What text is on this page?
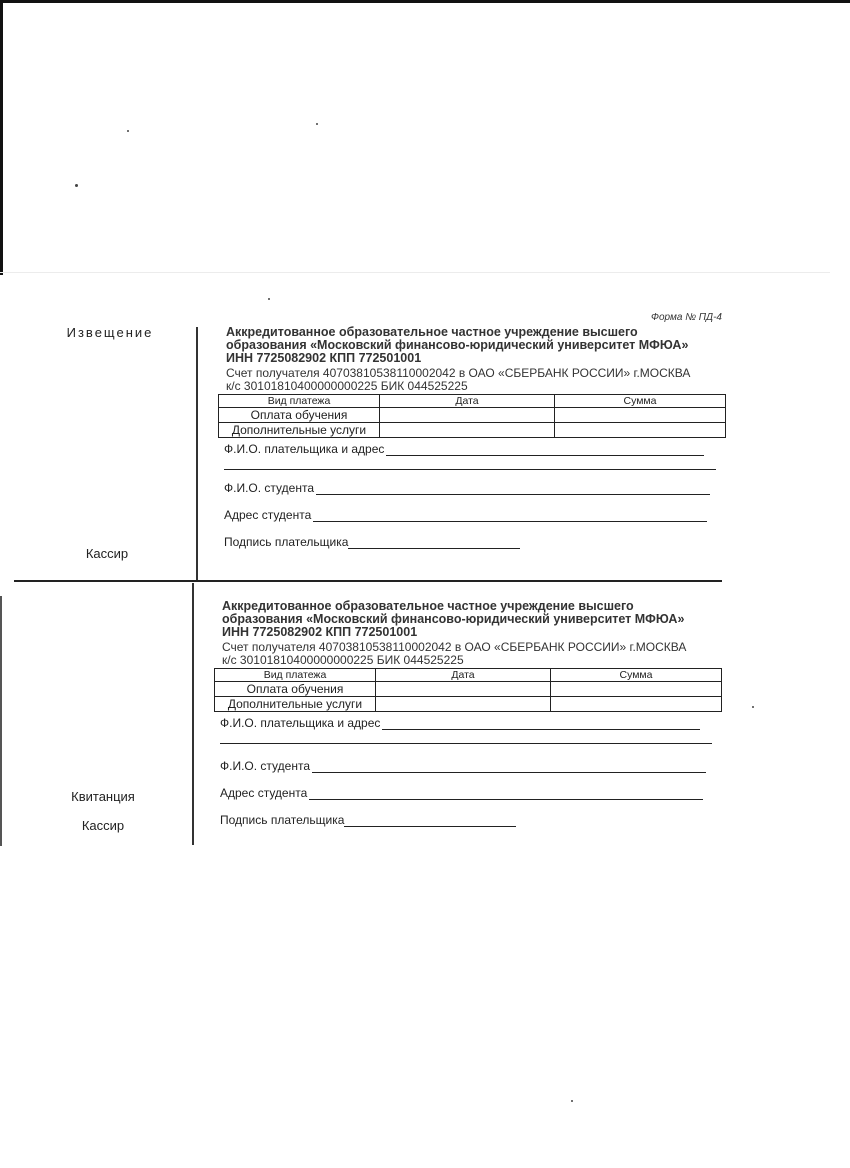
Форма № ПД-4
Извещение
Кассир
Квитанция
Кассир
Аккредитованное образовательное частное учреждение высшего
образования «Московский финансово-юридический университет МФЮА»
ИНН 7725082902 КПП 772501001
Счет получателя 40703810538110002042 в ОАО «СБЕРБАНК РОССИИ» г.МОСКВА
к/с 30101810400000000225 БИК 044525225
Вид платежа	Дата	Сумма
Оплата обучения		
Дополнительные услуги		
Ф.И.О. плательщика и адрес
Ф.И.О. студента
Адрес студента
Подпись плательщика
Аккредитованное образовательное частное учреждение высшего
образования «Московский финансово-юридический университет МФЮА»
ИНН 7725082902 КПП 772501001
Счет получателя 40703810538110002042 в ОАО «СБЕРБАНК РОССИИ» г.МОСКВА
к/с 30101810400000000225 БИК 044525225
Вид платежа	Дата	Сумма
Оплата обучения		
Дополнительные услуги		
Ф.И.О. плательщика и адрес
Ф.И.О. студента
Адрес студента
Подпись плательщика
